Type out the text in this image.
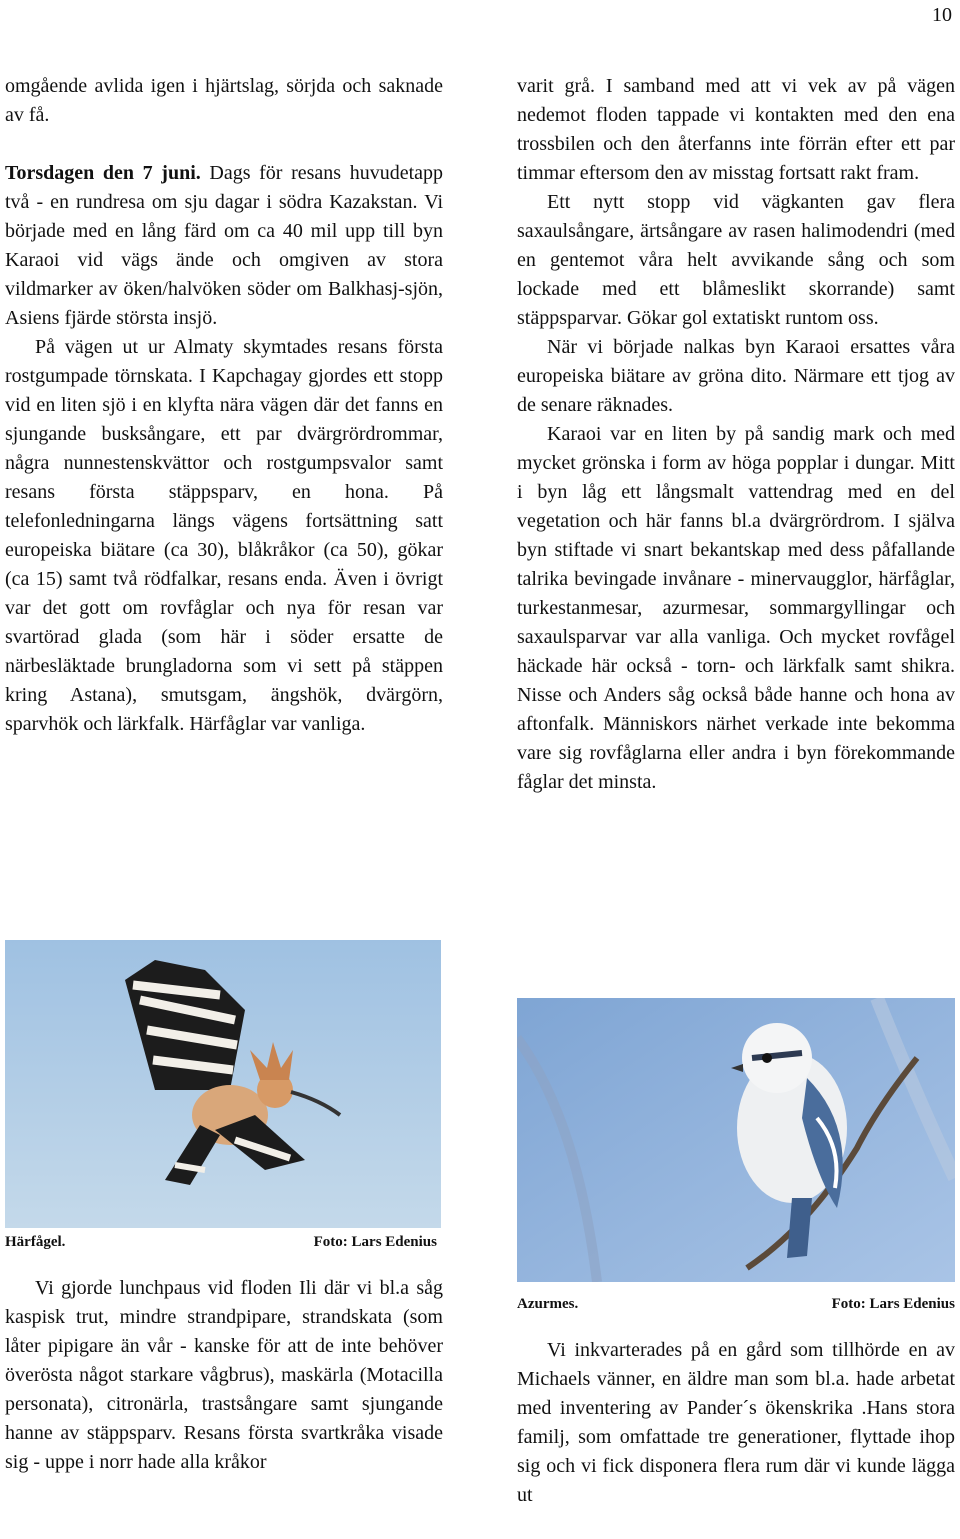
10

omgående avlida igen i hjärtslag, sörjda och saknade av få.

Torsdagen den 7 juni. Dags för resans huvudetapp två - en rundresa om sju dagar i södra Kazakstan. Vi började med en lång färd om ca 40 mil upp till byn Karaoi vid vägs ände och omgiven av stora vildmarker av öken/halvöken söder om Balkhasj-sjön, Asiens fjärde största insjö.

På vägen ut ur Almaty skymtades resans första rostgumpade törnskata. I Kapchagay gjordes ett stopp vid en liten sjö i en klyfta nära vägen där det fanns en sjungande busksångare, ett par dvärgrördrommar, några nunnestenskvättor och rostgumpsvalor samt resans första stäppsparv, en hona. På telefonledningarna längs vägens fortsättning satt europeiska biätare (ca 30), blåkråkor (ca 50), gökar (ca 15) samt två rödfalkar, resans enda. Även i övrigt var det gott om rovfåglar och nya för resan var svartörad glada (som här i söder ersatte de närbesläktade brungladorna som vi sett på stäppen kring Astana), smutsgam, ängshök, dvärgörn, sparvhök och lärkfalk. Härfåglar var vanliga.

Härfågel.	Foto: Lars Edenius

Vi gjorde lunchpaus vid floden Ili där vi bl.a såg kaspisk trut, mindre strandpipare, strandskata (som låter pipigare än vår - kanske för att de inte behöver överösta något starkare vågbrus), maskärla (Motacilla personata), citronärla, trastsångare samt sjungande hanne av stäppsparv. Resans första svartkråka visade sig - uppe i norr hade alla kråkor

varit grå. I samband med att vi vek av på vägen nedemot floden tappade vi kontakten med den ena trossbilen och den återfanns inte förrän efter ett par timmar eftersom den av misstag fortsatt rakt fram.

Ett nytt stopp vid vägkanten gav flera saxaulsångare, ärtsångare av rasen halimodendri (med en gentemot våra helt avvikande sång och som lockade med ett blåmeslikt skorrande) samt stäppsparvar. Gökar gol extatiskt runtom oss.

När vi började nalkas byn Karaoi ersattes våra europeiska biätare av gröna dito. Närmare ett tjog av de senare räknades.

Karaoi var en liten by på sandig mark och med mycket grönska i form av höga popplar i dungar. Mitt i byn låg ett långsmalt vattendrag med en del vegetation och här fanns bl.a dvärgrördrom. I själva byn stiftade vi snart bekantskap med dess påfallande talrika bevingade invånare - minervaugglor, härfåglar, turkestanmesar, azurmesar, sommargyllingar och saxaulsparvar var alla vanliga. Och mycket rovfågel häckade här också - torn- och lärkfalk samt shikra. Nisse och Anders såg också både hanne och hona av aftonfalk. Människors närhet verkade inte bekomma vare sig rovfåglarna eller andra i byn förekommande fåglar det minsta.

Azurmes.	Foto: Lars Edenius

Vi inkvarterades på en gård som tillhörde en av Michaels vänner, en äldre man som bl.a. hade arbetat med inventering av Pander´s ökenskrika .Hans stora familj, som omfattade tre generationer, flyttade ihop sig och vi fick disponera flera rum där vi kunde lägga ut
